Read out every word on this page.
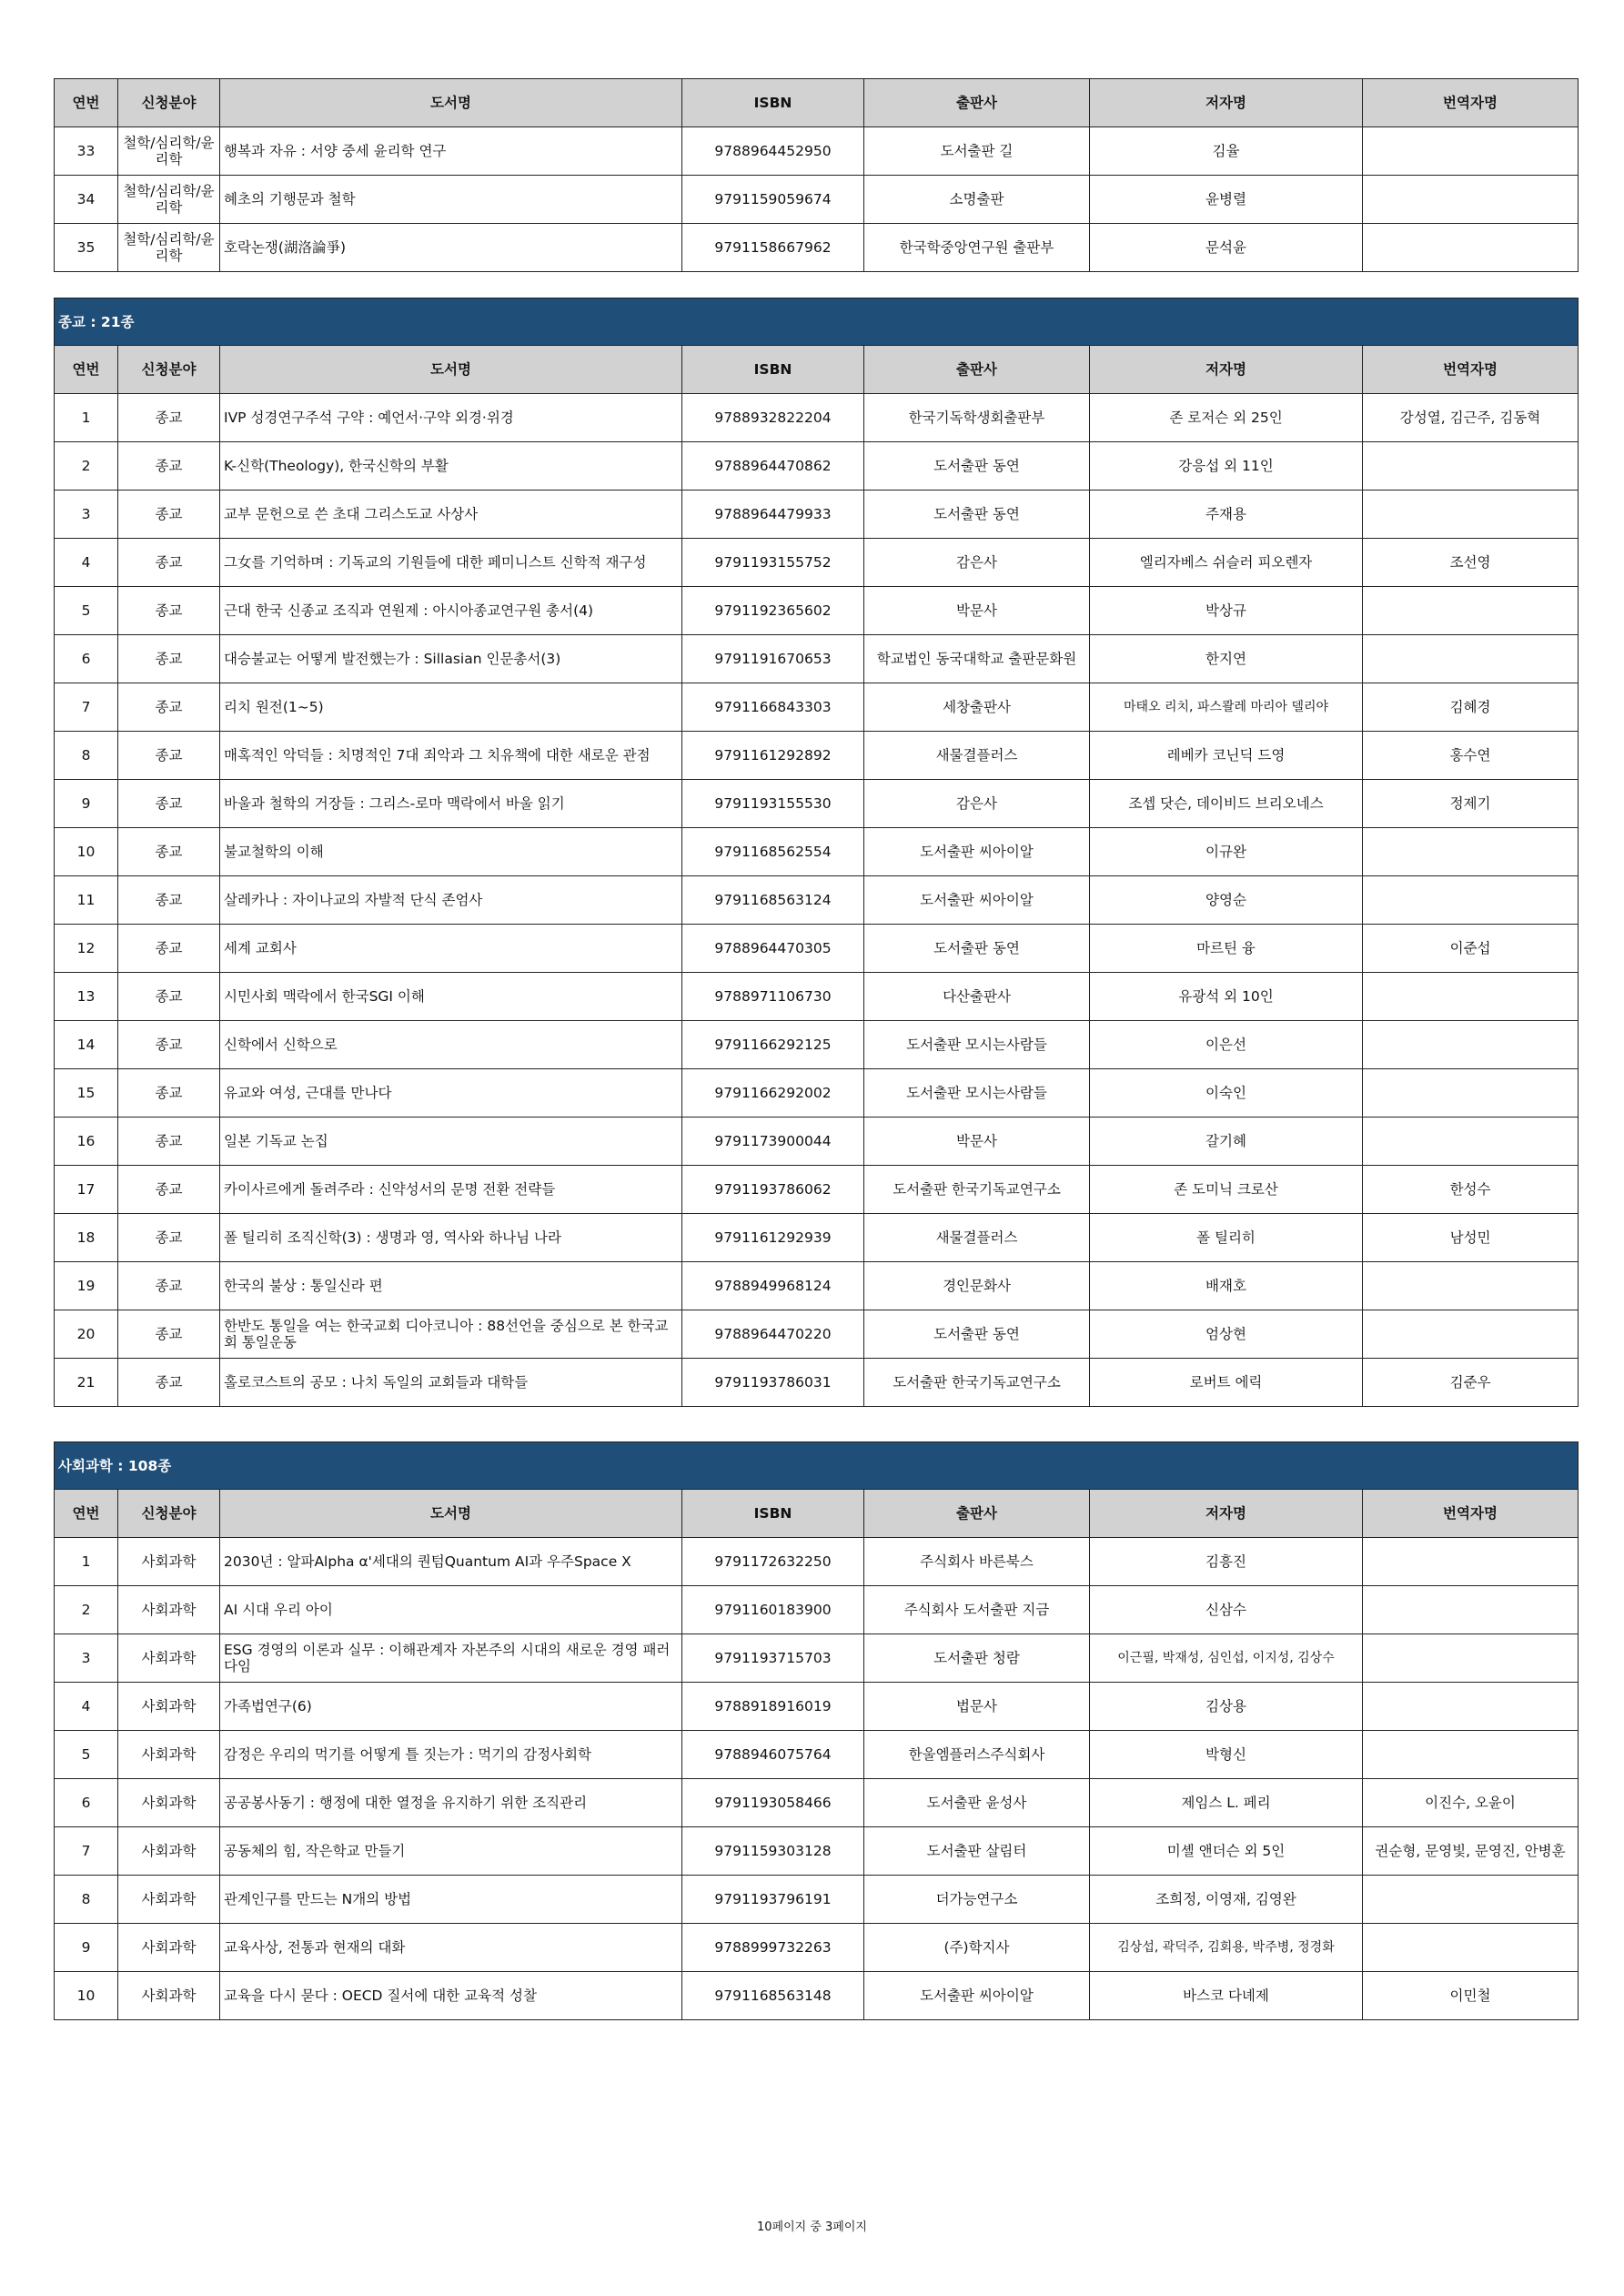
연번	신청분야	도서명	ISBN	출판사	저자명	번역자명
33	철학/심리학/윤리학	행복과 자유 : 서양 중세 윤리학 연구	9788964452950	도서출판 길	김율	
34	철학/심리학/윤리학	혜초의 기행문과 철학	9791159059674	소명출판	윤병렬	
35	철학/심리학/윤리학	호락논쟁(湖洛論爭)	9791158667962	한국학중앙연구원 출판부	문석윤	
종교 : 21종						
연번	신청분야	도서명	ISBN	출판사	저자명	번역자명
1	종교	IVP 성경연구주석 구약 : 예언서·구약 외경·위경	9788932822204	한국기독학생회출판부	존 로저슨 외 25인	강성열, 김근주, 김동혁
2	종교	K-신학(Theology), 한국신학의 부활	9788964470862	도서출판 동연	강응섭 외 11인	
3	종교	교부 문헌으로 쓴 초대 그리스도교 사상사	9788964479933	도서출판 동연	주재용	
4	종교	그女를 기억하며 : 기독교의 기원들에 대한 페미니스트 신학적 재구성	9791193155752	감은사	엘리자베스 쉬슬러 피오렌자	조선영
5	종교	근대 한국 신종교 조직과 연원제 : 아시아종교연구원 총서(4)	9791192365602	박문사	박상규	
6	종교	대승불교는 어떻게 발전했는가 : Sillasian 인문총서(3)	9791191670653	학교법인 동국대학교 출판문화원	한지연	
7	종교	리치 원전(1~5)	9791166843303	세창출판사	마태오 리치, 파스콸레 마리아 델리야	김혜경
8	종교	매혹적인 악덕들 : 치명적인 7대 죄악과 그 치유책에 대한 새로운 관점	9791161292892	새물결플러스	레베카 코닌딕 드영	홍수연
9	종교	바울과 철학의 거장들 : 그리스-로마 맥락에서 바울 읽기	9791193155530	감은사	조셉 닷슨, 데이비드 브리오네스	정제기
10	종교	불교철학의 이해	9791168562554	도서출판 씨아이알	이규완	
11	종교	살레카나 : 자이나교의 자발적 단식 존엄사	9791168563124	도서출판 씨아이알	양영순	
12	종교	세계 교회사	9788964470305	도서출판 동연	마르틴 융	이준섭
13	종교	시민사회 맥락에서 한국SGI 이해	9788971106730	다산출판사	유광석 외 10인	
14	종교	신학에서 신학으로	9791166292125	도서출판 모시는사람들	이은선	
15	종교	유교와 여성, 근대를 만나다	9791166292002	도서출판 모시는사람들	이숙인	
16	종교	일본 기독교 논집	9791173900044	박문사	갈기혜	
17	종교	카이사르에게 돌려주라 : 신약성서의 문명 전환 전략들	9791193786062	도서출판 한국기독교연구소	존 도미닉 크로산	한성수
18	종교	폴 틸리히 조직신학(3) : 생명과 영, 역사와 하나님 나라	9791161292939	새물결플러스	폴 틸리히	남성민
19	종교	한국의 불상 : 통일신라 편	9788949968124	경인문화사	배재호	
20	종교	한반도 통일을 여는 한국교회 디아코니아 : 88선언을 중심으로 본 한국교회 통일운동	9788964470220	도서출판 동연	엄상현	
21	종교	홀로코스트의 공모 : 나치 독일의 교회들과 대학들	9791193786031	도서출판 한국기독교연구소	로버트 에릭	김준우
사회과학 : 108종						
연번	신청분야	도서명	ISBN	출판사	저자명	번역자명
1	사회과학	2030년 : 알파Alpha α'세대의 퀀텀Quantum AI과 우주Space X	9791172632250	주식회사 바른북스	김흥진	
2	사회과학	AI 시대 우리 아이	9791160183900	주식회사 도서출판 지금	신삼수	
3	사회과학	ESG 경영의 이론과 실무 : 이해관계자 자본주의 시대의 새로운 경영 패러다임	9791193715703	도서출판 청람	이근필, 박재성, 심인섭, 이지성, 김상수	
4	사회과학	가족법연구(6)	9788918916019	법문사	김상용	
5	사회과학	감정은 우리의 먹기를 어떻게 틀 짓는가 : 먹기의 감정사회학	9788946075764	한울엠플러스주식회사	박형신	
6	사회과학	공공봉사동기 : 행정에 대한 열정을 유지하기 위한 조직관리	9791193058466	도서출판 윤성사	제임스 L. 페리	이진수, 오윤이
7	사회과학	공동체의 힘, 작은학교 만들기	9791159303128	도서출판 살림터	미셸 앤더슨 외 5인	권순형, 문영빛, 문영진, 안병훈
8	사회과학	관계인구를 만드는 N개의 방법	9791193796191	더가능연구소	조희정, 이영재, 김영완	
9	사회과학	교육사상, 전통과 현재의 대화	9788999732263	(주)학지사	김상섭, 곽덕주, 김회용, 박주병, 정경화	
10	사회과학	교육을 다시 묻다 : OECD 질서에 대한 교육적 성찰	9791168563148	도서출판 씨아이알	바스코 다녜제	이민철
10페이지 중 3페이지
